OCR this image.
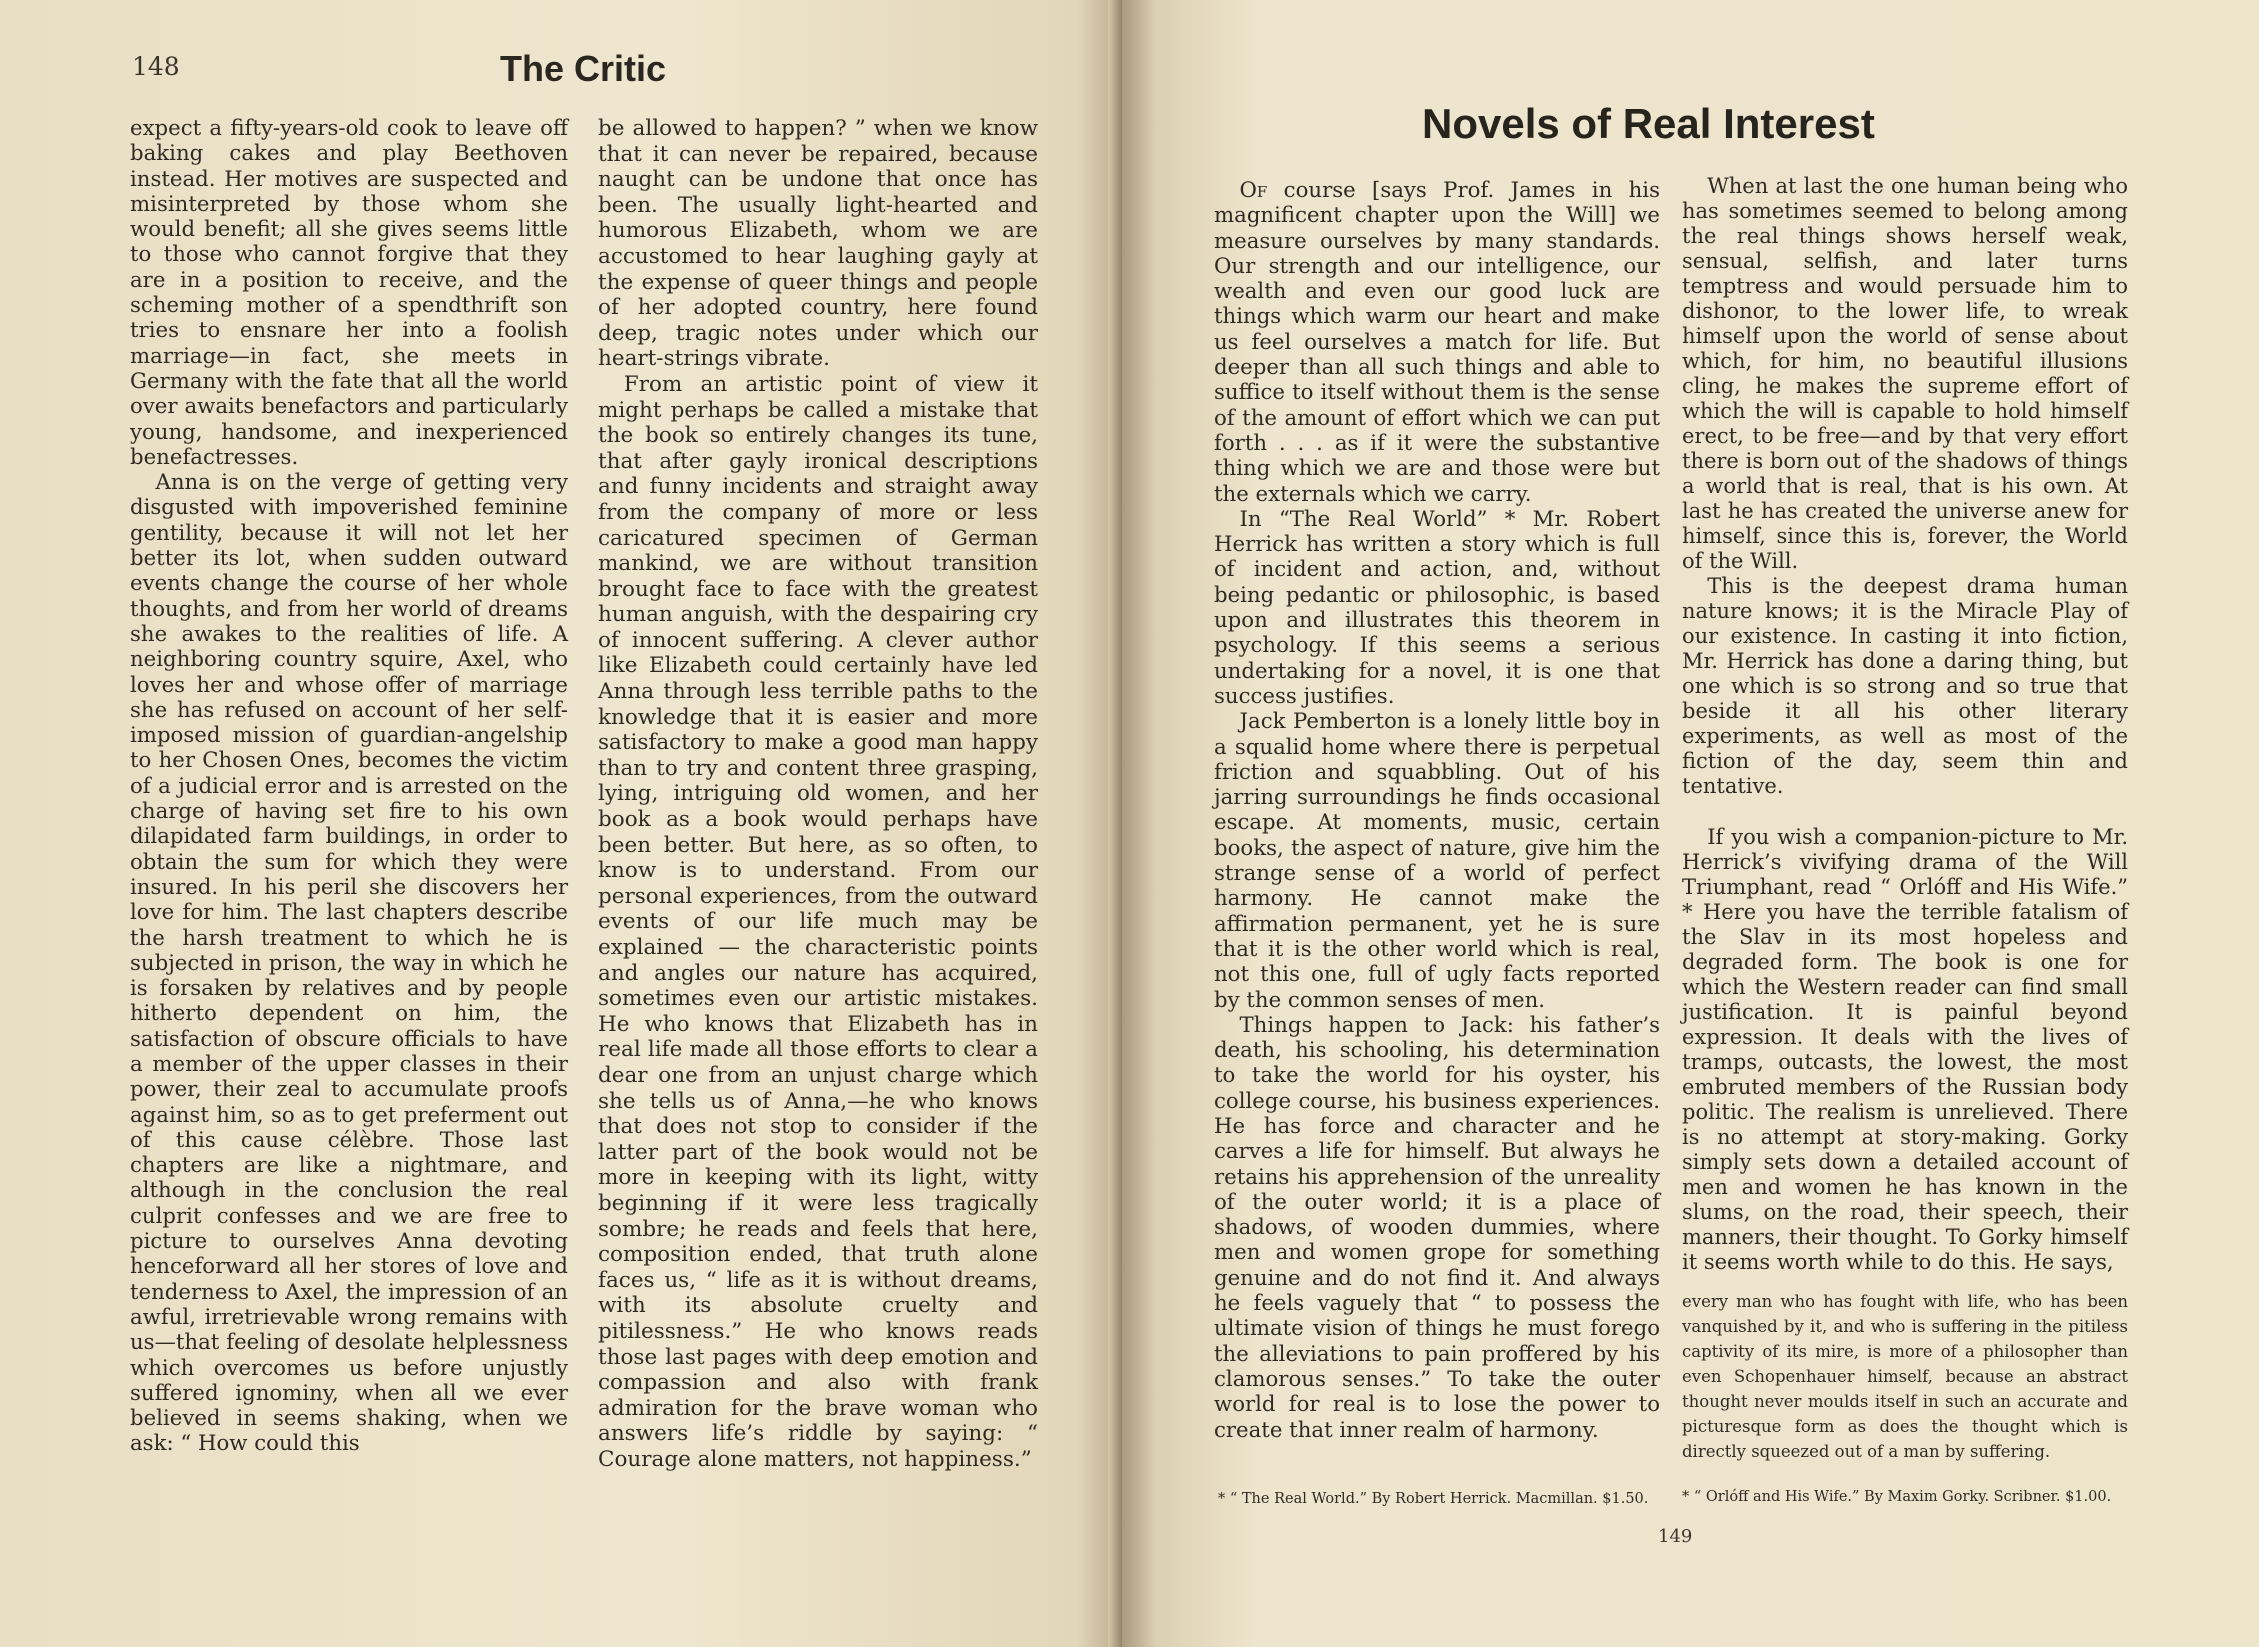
148	The Critic

expect a fifty-years-old cook to leave off baking cakes and play Beethoven instead. Her motives are suspected and misinterpreted by those whom she would benefit; all she gives seems little to those who cannot forgive that they are in a position to receive, and the scheming mother of a spendthrift son tries to ensnare her into a foolish marriage—in fact, she meets in Germany with the fate that all the world over awaits benefactors and particularly young, handsome, and inexperienced benefactresses.

Anna is on the verge of getting very disgusted with impoverished feminine gentility, because it will not let her better its lot, when sudden outward events change the course of her whole thoughts, and from her world of dreams she awakes to the realities of life. A neighboring country squire, Axel, who loves her and whose offer of marriage she has refused on account of her self-imposed mission of guardian-angelship to her Chosen Ones, becomes the victim of a judicial error and is arrested on the charge of having set fire to his own dilapidated farm buildings, in order to obtain the sum for which they were insured. In his peril she discovers her love for him. The last chapters describe the harsh treatment to which he is subjected in prison, the way in which he is forsaken by relatives and by people hitherto dependent on him, the satisfaction of obscure officials to have a member of the upper classes in their power, their zeal to accumulate proofs against him, so as to get preferment out of this cause célèbre. Those last chapters are like a nightmare, and although in the conclusion the real culprit confesses and we are free to picture to ourselves Anna devoting henceforward all her stores of love and tenderness to Axel, the impression of an awful, irretrievable wrong remains with us—that feeling of desolate helplessness which overcomes us before unjustly suffered ignominy, when all we ever believed in seems shaking, when we ask: “ How could this

be allowed to happen? ” when we know that it can never be repaired, because naught can be undone that once has been. The usually light-hearted and humorous Elizabeth, whom we are accustomed to hear laughing gayly at the expense of queer things and people of her adopted country, here found deep, tragic notes under which our heart-strings vibrate.

From an artistic point of view it might perhaps be called a mistake that the book so entirely changes its tune, that after gayly ironical descriptions and funny incidents and straight away from the company of more or less caricatured specimen of German mankind, we are without transition brought face to face with the greatest human anguish, with the despairing cry of innocent suffering. A clever author like Elizabeth could certainly have led Anna through less terrible paths to the knowledge that it is easier and more satisfactory to make a good man happy than to try and content three grasping, lying, intriguing old women, and her book as a book would perhaps have been better. But here, as so often, to know is to understand. From our personal experiences, from the outward events of our life much may be explained — the characteristic points and angles our nature has acquired, sometimes even our artistic mistakes. He who knows that Elizabeth has in real life made all those efforts to clear a dear one from an unjust charge which she tells us of Anna,—he who knows that does not stop to consider if the latter part of the book would not be more in keeping with its light, witty beginning if it were less tragically sombre; he reads and feels that here, composition ended, that truth alone faces us, “ life as it is without dreams, with its absolute cruelty and pitilessness.” He who knows reads those last pages with deep emotion and compassion and also with frank admiration for the brave woman who answers life’s riddle by saying: “ Courage alone matters, not happiness.”

Novels of Real Interest

Of course [says Prof. James in his magnificent chapter upon the Will] we measure ourselves by many standards. Our strength and our intelligence, our wealth and even our good luck are things which warm our heart and make us feel ourselves a match for life. But deeper than all such things and able to suffice to itself without them is the sense of the amount of effort which we can put forth . . . as if it were the substantive thing which we are and those were but the externals which we carry.

In “The Real World” * Mr. Robert Herrick has written a story which is full of incident and action, and, without being pedantic or philosophic, is based upon and illustrates this theorem in psychology. If this seems a serious undertaking for a novel, it is one that success justifies.

Jack Pemberton is a lonely little boy in a squalid home where there is perpetual friction and squabbling. Out of his jarring surroundings he finds occasional escape. At moments, music, certain books, the aspect of nature, give him the strange sense of a world of perfect harmony. He cannot make the affirmation permanent, yet he is sure that it is the other world which is real, not this one, full of ugly facts reported by the common senses of men.

Things happen to Jack: his father’s death, his schooling, his determination to take the world for his oyster, his college course, his business experiences. He has force and character and he carves a life for himself. But always he retains his apprehension of the unreality of the outer world; it is a place of shadows, of wooden dummies, where men and women grope for something genuine and do not find it. And always he feels vaguely that “ to possess the ultimate vision of things he must forego the alleviations to pain proffered by his clamorous senses.” To take the outer world for real is to lose the power to create that inner realm of harmony.

* “ The Real World.” By Robert Herrick. Macmillan. $1.50.

When at last the one human being who has sometimes seemed to belong among the real things shows herself weak, sensual, selfish, and later turns temptress and would persuade him to dishonor, to the lower life, to wreak himself upon the world of sense about which, for him, no beautiful illusions cling, he makes the supreme effort of which the will is capable to hold himself erect, to be free—and by that very effort there is born out of the shadows of things a world that is real, that is his own. At last he has created the universe anew for himself, since this is, forever, the World of the Will.

This is the deepest drama human nature knows; it is the Miracle Play of our existence. In casting it into fiction, Mr. Herrick has done a daring thing, but one which is so strong and so true that beside it all his other literary experiments, as well as most of the fiction of the day, seem thin and tentative.

If you wish a companion-picture to Mr. Herrick’s vivifying drama of the Will Triumphant, read “ Orlóff and His Wife.” * Here you have the terrible fatalism of the Slav in its most hopeless and degraded form. The book is one for which the Western reader can find small justification. It is painful beyond expression. It deals with the lives of tramps, outcasts, the lowest, the most embruted members of the Russian body politic. The realism is unrelieved. There is no attempt at story-making. Gorky simply sets down a detailed account of men and women he has known in the slums, on the road, their speech, their manners, their thought. To Gorky himself it seems worth while to do this. He says,

every man who has fought with life, who has been vanquished by it, and who is suffering in the pitiless captivity of its mire, is more of a philosopher than even Schopenhauer himself, because an abstract thought never moulds itself in such an accurate and picturesque form as does the thought which is directly squeezed out of a man by suffering.
* “ Orlóff and His Wife.” By Maxim Gorky. Scribner. $1.00.
149
